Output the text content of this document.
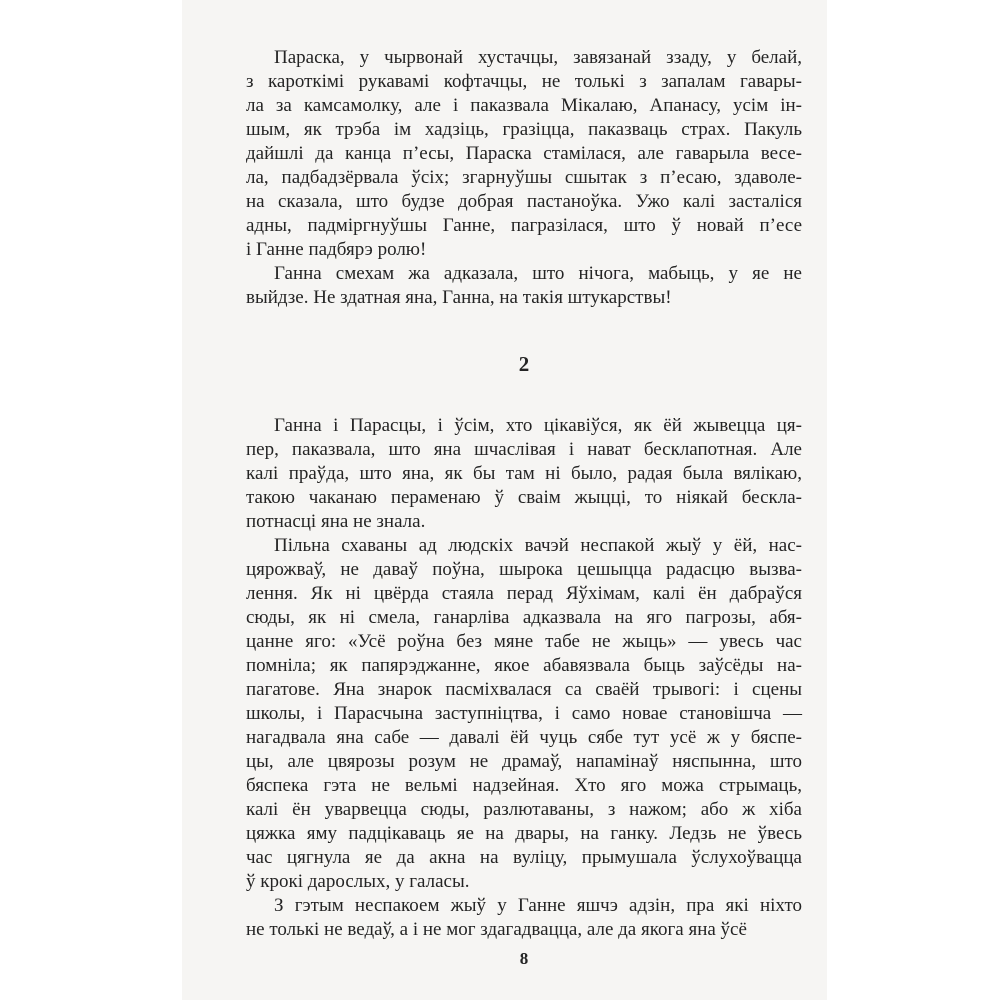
Параска, у чырвонай хустачцы, завязанай ззаду, у белай,
з кароткімі рукавамі кофтачцы, не толькі з запалам гавары-
ла за камсамолку, але і паказвала Мікалаю, Апанасу, усім ін-
шым, як трэба ім хадзіць, гразіцца, паказваць страх. Пакуль
дайшлі да канца п’есы, Параска стамілася, але гаварыла весе-
ла, падбадзёрвала ўсіх; згарнуўшы сшытак з п’есаю, здаволе-
на сказала, што будзе добрая пастаноўка. Ужо калі засталіся
адны, падміргнуўшы Ганне, пагразілася, што ў новай п’есе
і Ганне падбярэ ролю!
Ганна смехам жа адказала, што нічога, мабыць, у яе не
выйдзе. Не здатная яна, Ганна, на такія штукарствы!
2
Ганна і Парасцы, і ўсім, хто цікавіўся, як ёй жывецца ця-
пер, паказвала, што яна шчаслівая і нават бесклапотная. Але
калі праўда, што яна, як бы там ні было, радая была вялікаю,
такою чаканаю пераменаю ў сваім жыцці, то ніякай бескла-
потнасці яна не знала.
Пільна схаваны ад людскіх вачэй неспакой жыў у ёй, нас-
цярожваў, не даваў поўна, шырока цешыцца радасцю вызва-
лення. Як ні цвёрда стаяла перад Яўхімам, калі ён дабраўся
сюды, як ні смела, ганарліва адказвала на яго пагрозы, абя-
цанне яго: «Усё роўна без мяне табе не жыць» — увесь час
помніла; як папярэджанне, якое абавязвала быць заўсёды на-
пагатове. Яна знарок пасміхвалася са сваёй трывогі: і сцены
школы, і Парасчына заступніцтва, і само новае становішча —
нагадвала яна сабе — давалі ёй чуць сябе тут усё ж у бяспе-
цы, але цвярозы розум не драмаў, напамінаў няспынна, што
бяспека гэта не вельмі надзейная. Хто яго можа стрымаць,
калі ён уварвецца сюды, разлютаваны, з нажом; або ж хіба
цяжка яму падцікаваць яе на двары, на ганку. Ледзь не ўвесь
час цягнула яе да акна на вуліцу, прымушала ўслухоўвацца
ў крокі дарослых, у галасы.
З гэтым неспакоем жыў у Ганне яшчэ адзін, пра які ніхто
не толькі не ведаў, а і не мог здагадвацца, але да якога яна ўсё
8
